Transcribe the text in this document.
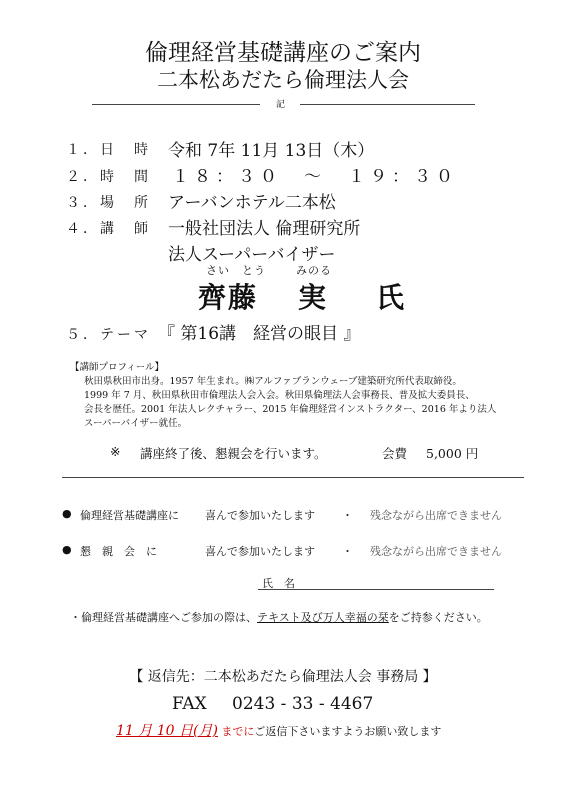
倫理経営基礎講座のご案内
二本松あだたら倫理法人会
記
１．日　時 令和 7年 11月 13日（木）
２．時　間 １８：３０　～　１９：３０
３．場　所 アーバンホテル二本松
４．講　師 一般社団法人 倫理研究所
法人スーパーバイザー
さい　とう	みのる
齊藤 実 氏
５．テーマ 『 第16講　経営の眼目 』
【講師プロフィール】
秋田県秋田市出身。1957 年生まれ。㈱アルファブランウェーブ建築研究所代表取締役。
1999 年 7 月、秋田県秋田市倫理法人会入会。秋田県倫理法人会事務長、普及拡大委員長、
会長を歴任。2001 年法人レクチャラー、2015 年倫理経営インストラクター、2016 年より法人
スーパーバイザー就任。
※ 講座終了後、懇親会を行います。	会費 5,000 円
● 倫理経営基礎講座に 喜んで参加いたします ・ 残念ながら出席できません
● 懇　親　会　に	喜んで参加いたします ・ 残念ながら出席できません
氏　名
・倫理経営基礎講座へご参加の際は、テキスト及び万人幸福の栞をご持参ください。
【 返信先：二本松あだたら倫理法人会 事務局 】
FAX 0243 - 33 - 4467
11 月 10 日(月) までにご返信下さいますようお願い致します
